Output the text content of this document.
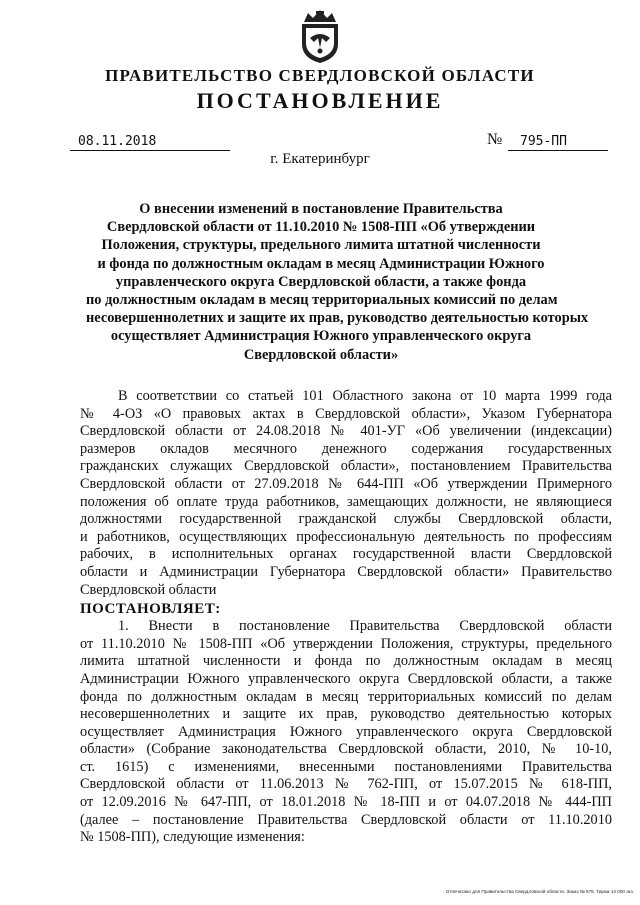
ПРАВИТЕЛЬСТВО СВЕРДЛОВСКОЙ ОБЛАСТИ
ПОСТАНОВЛЕНИЕ
08.11.2018	№ 795-ПП
г. Екатеринбург
О внесении изменений в постановление Правительства
Свердловской области от 11.10.2010 № 1508-ПП «Об утверждении
Положения, структуры, предельного лимита штатной численности
и фонда по должностным окладам в месяц Администрации Южного
управленческого округа Свердловской области, а также фонда
по должностным окладам в месяц территориальных комиссий по делам
несовершеннолетних и защите их прав, руководство деятельностью которых
осуществляет Администрация Южного управленческого округа
Свердловской области»
В соответствии со статьей 101 Областного закона от 10 марта 1999 года
№ 4-ОЗ «О правовых актах в Свердловской области», Указом Губернатора
Свердловской области от 24.08.2018 № 401-УГ «Об увеличении (индексации)
размеров окладов месячного денежного содержания государственных
гражданских служащих Свердловской области», постановлением Правительства
Свердловской области от 27.09.2018 № 644-ПП «Об утверждении Примерного
положения об оплате труда работников, замещающих должности, не являющиеся
должностями государственной гражданской службы Свердловской области,
и работников, осуществляющих профессиональную деятельность по профессиям
рабочих, в исполнительных органах государственной власти Свердловской
области и Администрации Губернатора Свердловской области» Правительство
Свердловской области
ПОСТАНОВЛЯЕТ:
1. Внести в постановление Правительства Свердловской области
от 11.10.2010 № 1508-ПП «Об утверждении Положения, структуры, предельного
лимита штатной численности и фонда по должностным окладам в месяц
Администрации Южного управленческого округа Свердловской области, а также
фонда по должностным окладам в месяц территориальных комиссий по делам
несовершеннолетних и защите их прав, руководство деятельностью которых
осуществляет Администрация Южного управленческого округа Свердловской
области» (Собрание законодательства Свердловской области, 2010, № 10-10,
ст. 1615) с изменениями, внесенными постановлениями Правительства
Свердловской области от 11.06.2013 № 762-ПП, от 15.07.2015 № 618-ПП,
от 12.09.2016 № 647-ПП, от 18.01.2018 № 18-ПП и от 04.07.2018 № 444-ПП
(далее – постановление Правительства Свердловской области от 11.10.2010
№ 1508-ПП), следующие изменения:
Отпечатано для Правительства Свердловской области. Заказ № 578. Тираж 14 000 экз.
